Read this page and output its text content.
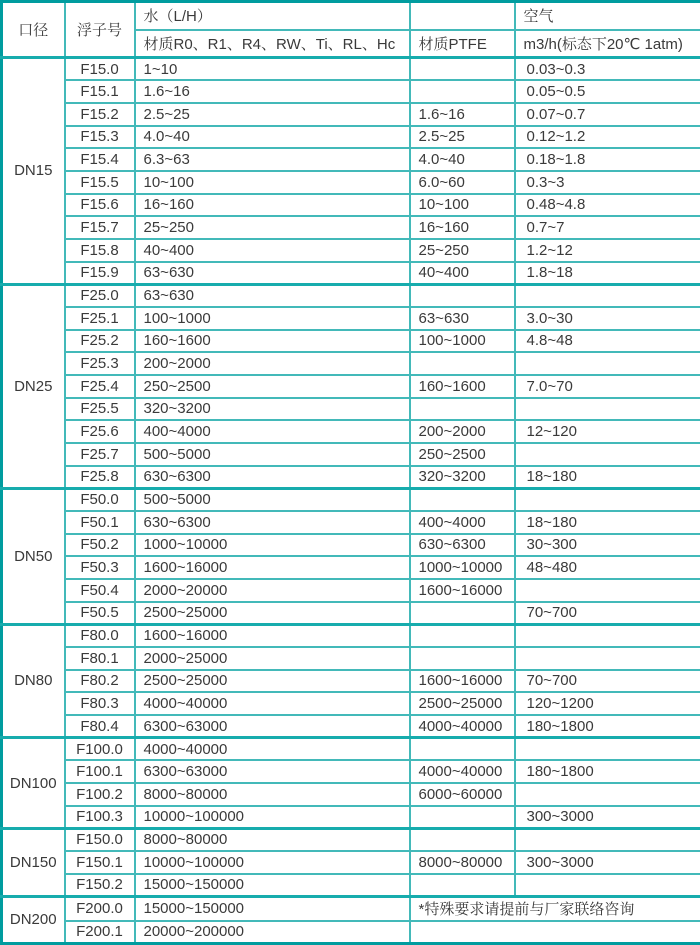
口径	浮子号	水（L/H）		空气
		材质R0、R1、R4、RW、Ti、RL、Hc	材质PTFE	m3/h(标态下20℃ 1atm)
DN15	F15.0	1~10		0.03~0.3
	F15.1	1.6~16		0.05~0.5
	F15.2	2.5~25	1.6~16	0.07~0.7
	F15.3	4.0~40	2.5~25	0.12~1.2
	F15.4	6.3~63	4.0~40	0.18~1.8
	F15.5	10~100	6.0~60	0.3~3
	F15.6	16~160	10~100	0.48~4.8
	F15.7	25~250	16~160	0.7~7
	F15.8	40~400	25~250	1.2~12
	F15.9	63~630	40~400	1.8~18
DN25	F25.0	63~630		
	F25.1	100~1000	63~630	3.0~30
	F25.2	160~1600	100~1000	4.8~48
	F25.3	200~2000		
	F25.4	250~2500	160~1600	7.0~70
	F25.5	320~3200		
	F25.6	400~4000	200~2000	12~120
	F25.7	500~5000	250~2500	
	F25.8	630~6300	320~3200	18~180
DN50	F50.0	500~5000		
	F50.1	630~6300	400~4000	18~180
	F50.2	1000~10000	630~6300	30~300
	F50.3	1600~16000	1000~10000	48~480
	F50.4	2000~20000	1600~16000	
	F50.5	2500~25000		70~700
DN80	F80.0	1600~16000		
	F80.1	2000~25000		
	F80.2	2500~25000	1600~16000	70~700
	F80.3	4000~40000	2500~25000	120~1200
	F80.4	6300~63000	4000~40000	180~1800
DN100	F100.0	4000~40000		
	F100.1	6300~63000	4000~40000	180~1800
	F100.2	8000~80000	6000~60000	
	F100.3	10000~100000		300~3000
DN150	F150.0	8000~80000		
	F150.1	10000~100000	8000~80000	300~3000
	F150.2	15000~150000		
DN200	F200.0	15000~150000	*特殊要求请提前与厂家联络咨询	
	F200.1	20000~200000		
